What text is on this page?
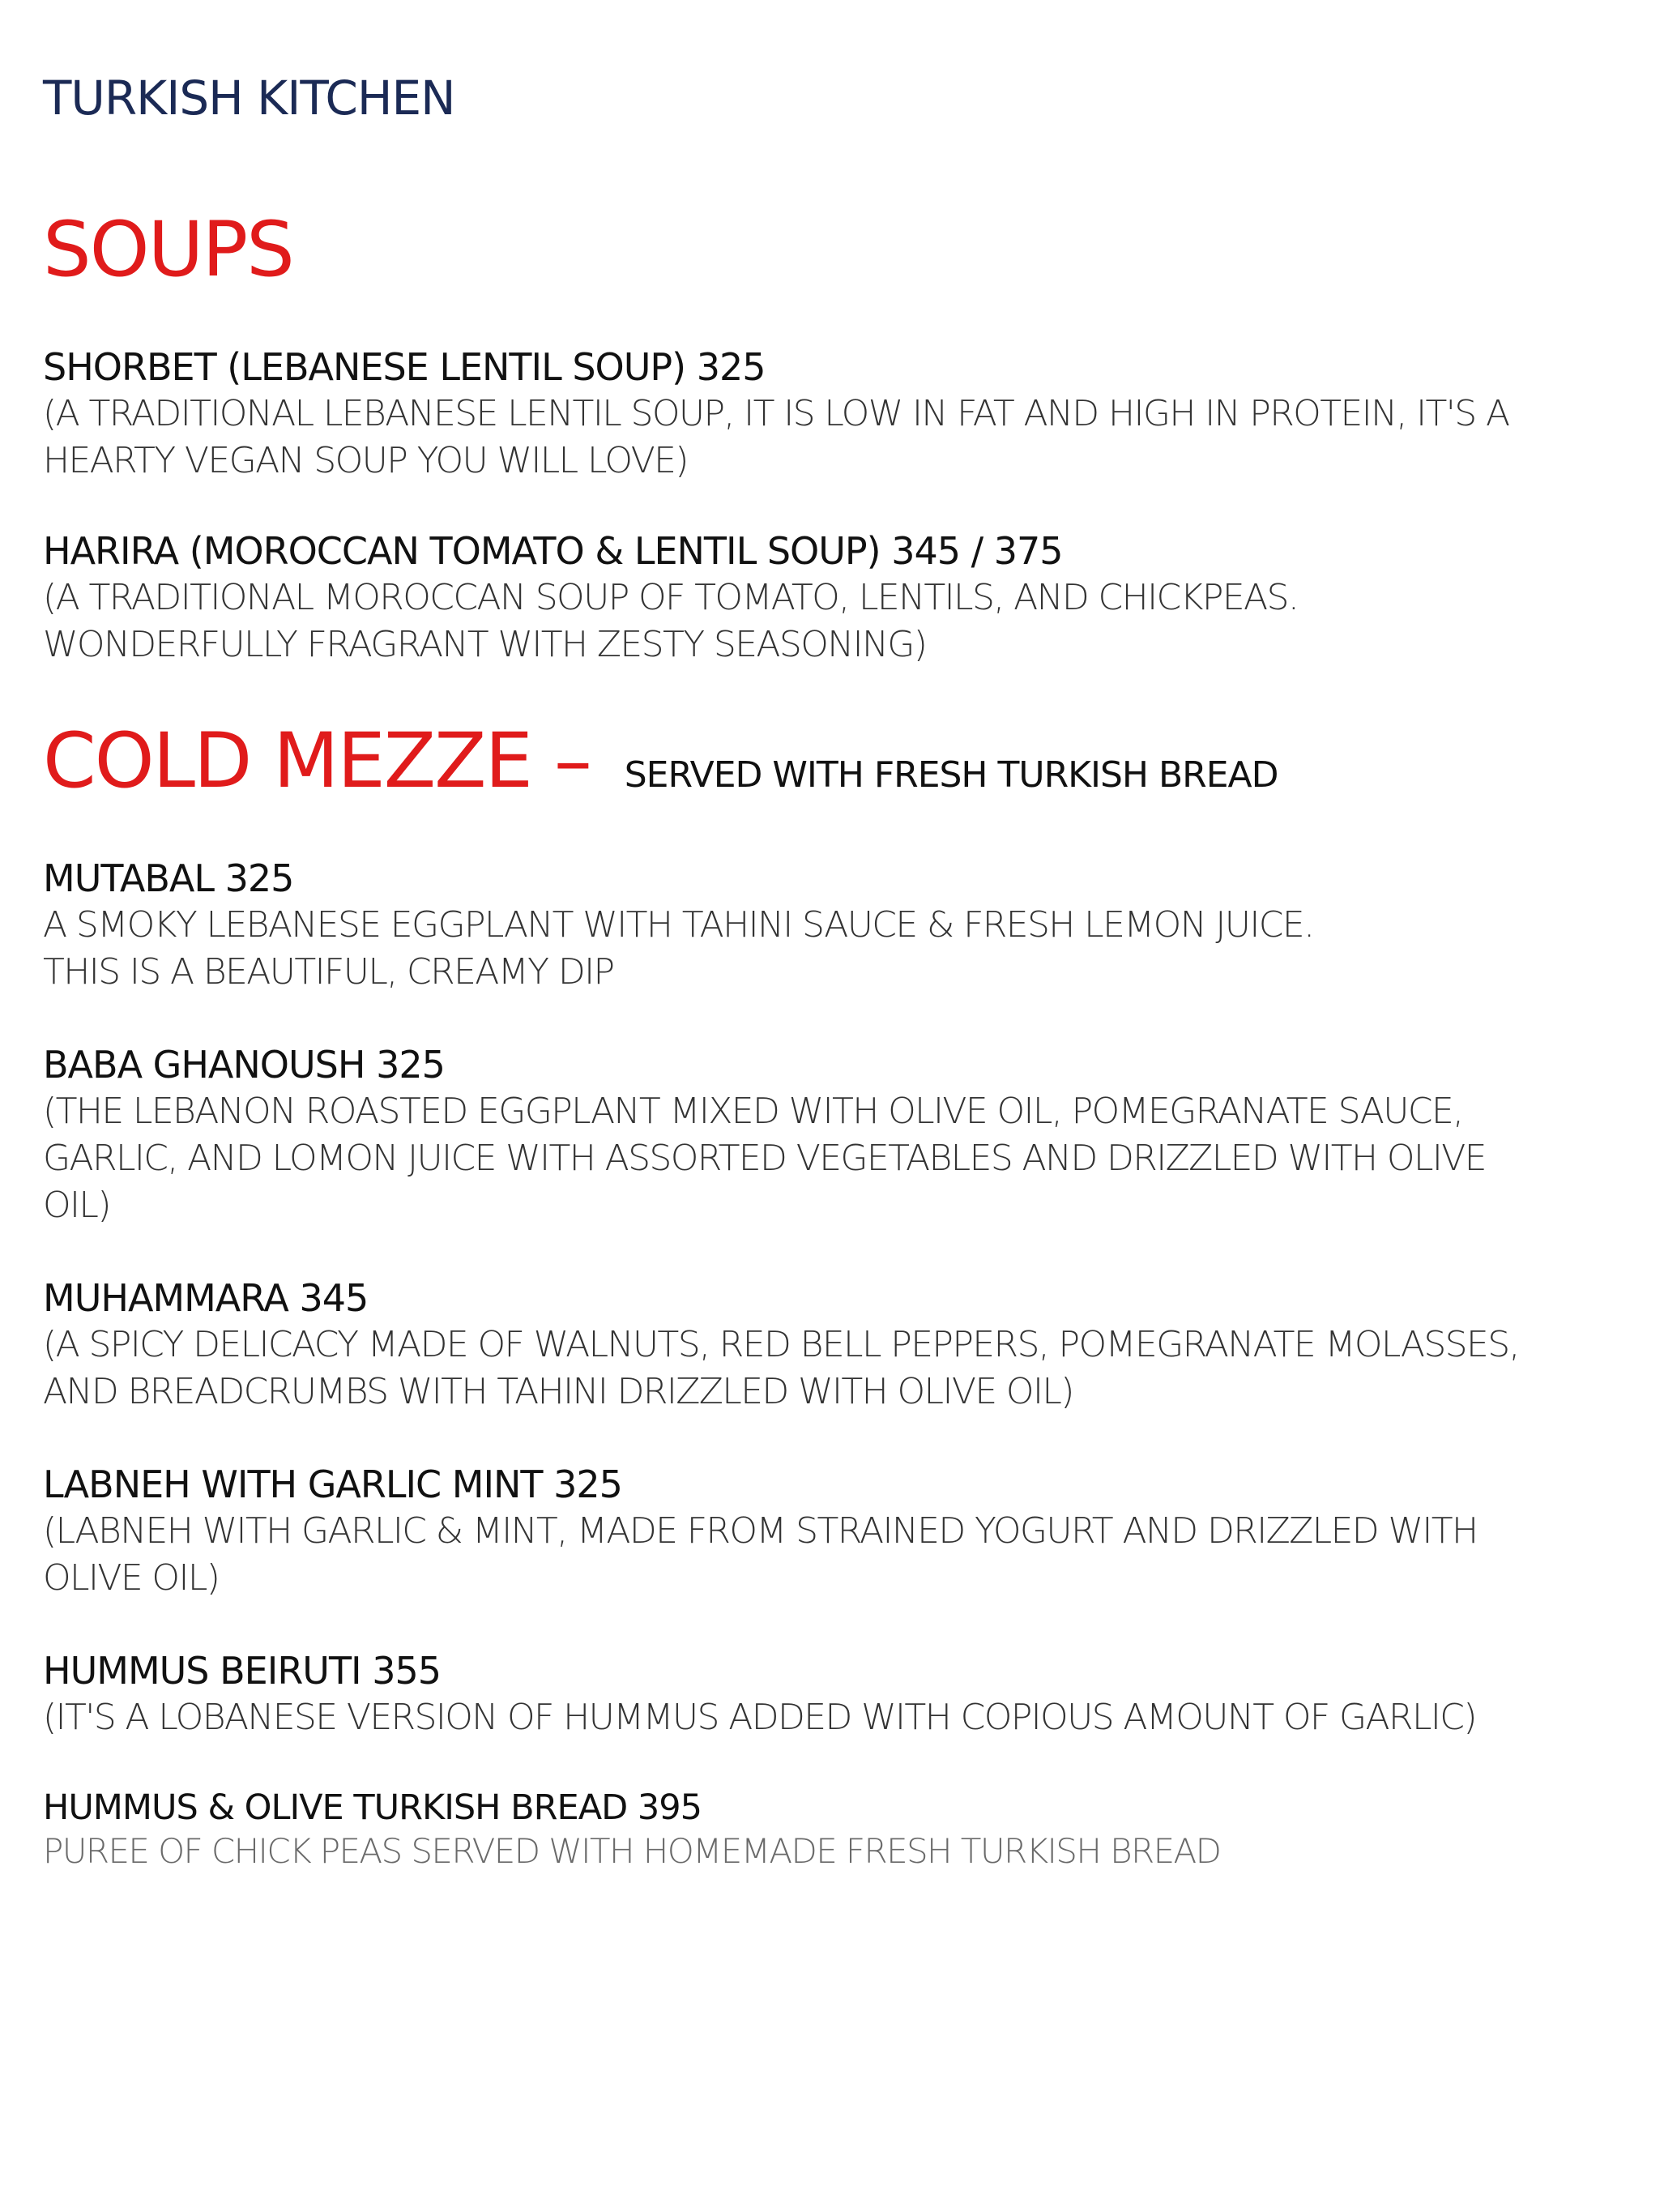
TURKISH KITCHEN
SOUPS
SHORBET (LEBANESE LENTIL SOUP) 325
(A TRADITIONAL LEBANESE LENTIL SOUP, IT IS LOW IN FAT AND HIGH IN PROTEIN, IT'S A
HEARTY VEGAN SOUP YOU WILL LOVE)
HARIRA (MOROCCAN TOMATO & LENTIL SOUP) 345 / 375
(A TRADITIONAL MOROCCAN SOUP OF TOMATO, LENTILS, AND CHICKPEAS.
WONDERFULLY FRAGRANT WITH ZESTY SEASONING)
COLD MEZZE – SERVED WITH FRESH TURKISH BREAD
MUTABAL 325
A SMOKY LEBANESE EGGPLANT WITH TAHINI SAUCE & FRESH LEMON JUICE.
THIS IS A BEAUTIFUL, CREAMY DIP
BABA GHANOUSH 325
(THE LEBANON ROASTED EGGPLANT MIXED WITH OLIVE OIL, POMEGRANATE SAUCE,
GARLIC, AND LOMON JUICE WITH ASSORTED VEGETABLES AND DRIZZLED WITH OLIVE
OIL)
MUHAMMARA 345
(A SPICY DELICACY MADE OF WALNUTS, RED BELL PEPPERS, POMEGRANATE MOLASSES,
AND BREADCRUMBS WITH TAHINI DRIZZLED WITH OLIVE OIL)
LABNEH WITH GARLIC MINT 325
(LABNEH WITH GARLIC & MINT, MADE FROM STRAINED YOGURT AND DRIZZLED WITH
OLIVE OIL)
HUMMUS BEIRUTI 355
(IT'S A LOBANESE VERSION OF HUMMUS ADDED WITH COPIOUS AMOUNT OF GARLIC)
HUMMUS & OLIVE TURKISH BREAD 395
PUREE OF CHICK PEAS SERVED WITH HOMEMADE FRESH TURKISH BREAD
